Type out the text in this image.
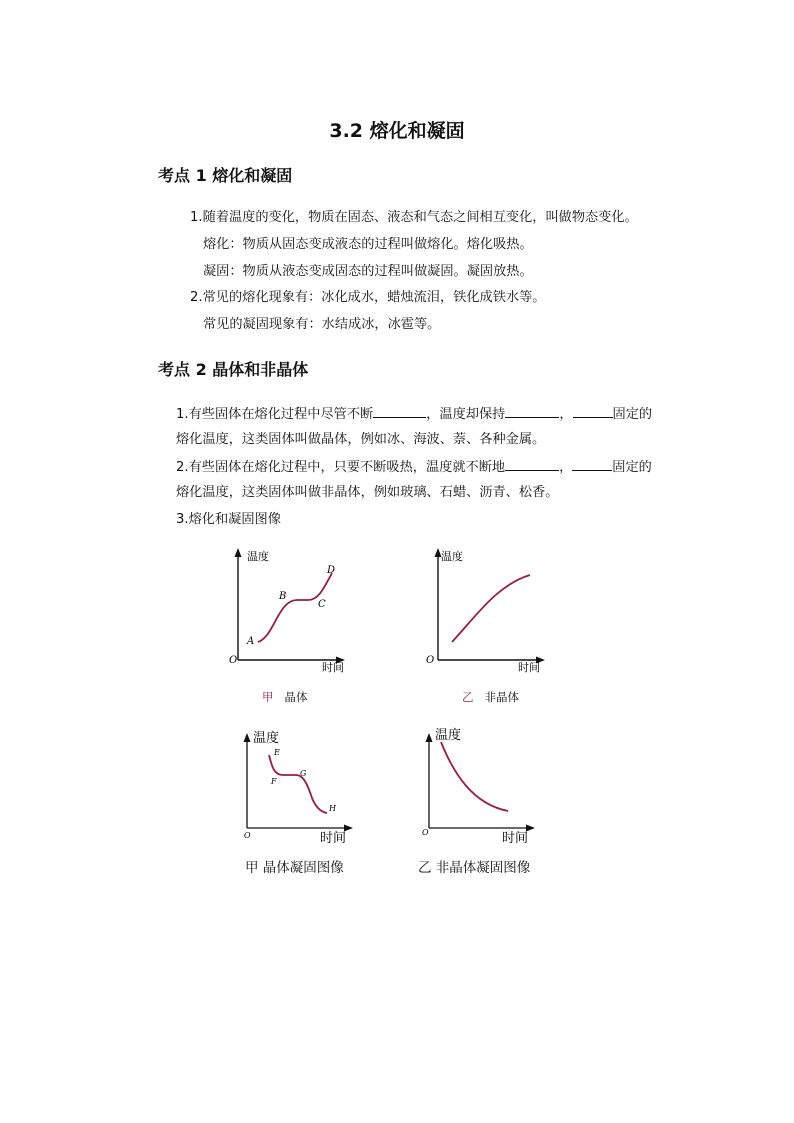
3.2 熔化和凝固
考点 1 熔化和凝固
1.随着温度的变化，物质在固态、液态和气态之间相互变化，叫做物态变化。
熔化：物质从固态变成液态的过程叫做熔化。熔化吸热。
凝固：物质从液态变成固态的过程叫做凝固。凝固放热。
2.常见的熔化现象有：冰化成水，蜡烛流泪，铁化成铁水等。
常见的凝固现象有：水结成冰，冰雹等。
考点 2 晶体和非晶体
1.有些固体在熔化过程中尽管不断	，温度却保持	，	固定的
熔化温度，这类固体叫做晶体，例如冰、海波、萘、各种金属。
2.有些固体在熔化过程中，只要不断吸热，温度就不断地	，	固定的
熔化温度，这类固体叫做非晶体，例如玻璃、石蜡、沥青、松香。
3.熔化和凝固图像
温度
时间
O
A
B
C
D
甲 晶体
温度
时间
O
乙 非晶体
温度
时间
O
E
F
G
H
甲 晶体凝固图像
温度
时间
O
乙 非晶体凝固图像
